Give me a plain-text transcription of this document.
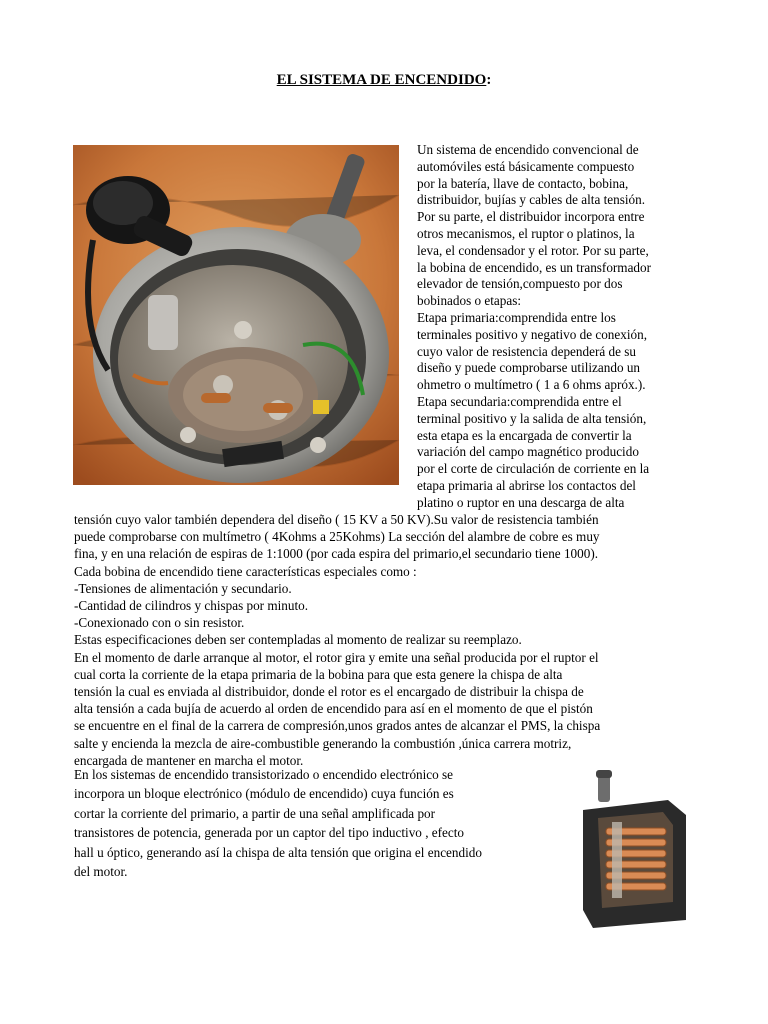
EL SISTEMA DE ENCENDIDO:
Un sistema de encendido convencional de
automóviles está básicamente compuesto
por la batería, llave de contacto, bobina,
distribuidor, bujías y cables de alta tensión.
Por su parte, el distribuidor incorpora entre
otros mecanismos, el ruptor o platinos, la
leva, el condensador y el rotor. Por su parte,
la bobina de encendido, es un transformador
elevador de tensión,compuesto por dos
bobinados o etapas:
Etapa primaria:comprendida entre los
terminales positivo y negativo de conexión,
cuyo valor de resistencia dependerá de su
diseño y puede comprobarse utilizando un
ohmetro o multímetro ( 1 a 6 ohms apróx.).
Etapa secundaria:comprendida entre el
terminal positivo y la salida de alta tensión,
esta etapa es la encargada de convertir la
variación del campo magnético producido
por el corte de circulación de corriente en la
etapa primaria al abrirse los contactos del
platino o ruptor en una descarga de alta
tensión cuyo valor también dependera del diseño ( 15 KV a 50 KV).Su valor de resistencia también
puede comprobarse con multímetro ( 4Kohms a 25Kohms) La sección del alambre de cobre es muy
fina, y en una relación de espiras de 1:1000 (por cada espira del primario,el secundario tiene 1000).
Cada bobina de encendido tiene características especiales como :
-Tensiones de alimentación y secundario.
-Cantidad de cilindros y chispas por minuto.
-Conexionado con o sin resistor.
Estas especificaciones deben ser contempladas al momento de realizar su reemplazo.
En el momento de darle arranque al motor, el rotor gira y emite una señal producida por el ruptor el
cual corta la corriente de la etapa primaria de la bobina para que esta genere la chispa de alta
tensión la cual es enviada al distribuidor, donde el rotor es el encargado de distribuir la chispa de
alta tensión a cada bujía de acuerdo al orden de encendido para así en el momento de que el pistón
se encuentre en el final de la carrera de compresión,unos grados antes de alcanzar el PMS, la chispa
salte y encienda la mezcla de aire-combustible generando la combustión ,única carrera motriz,
encargada de mantener en marcha el motor.
En los sistemas de encendido transistorizado o encendido electrónico se
incorpora un bloque electrónico (módulo de encendido) cuya función es
cortar la corriente del primario, a partir de una señal amplificada por
transistores de potencia, generada por un captor del tipo inductivo , efecto
hall u óptico, generando así la chispa de alta tensión que origina el encendido
del motor.
